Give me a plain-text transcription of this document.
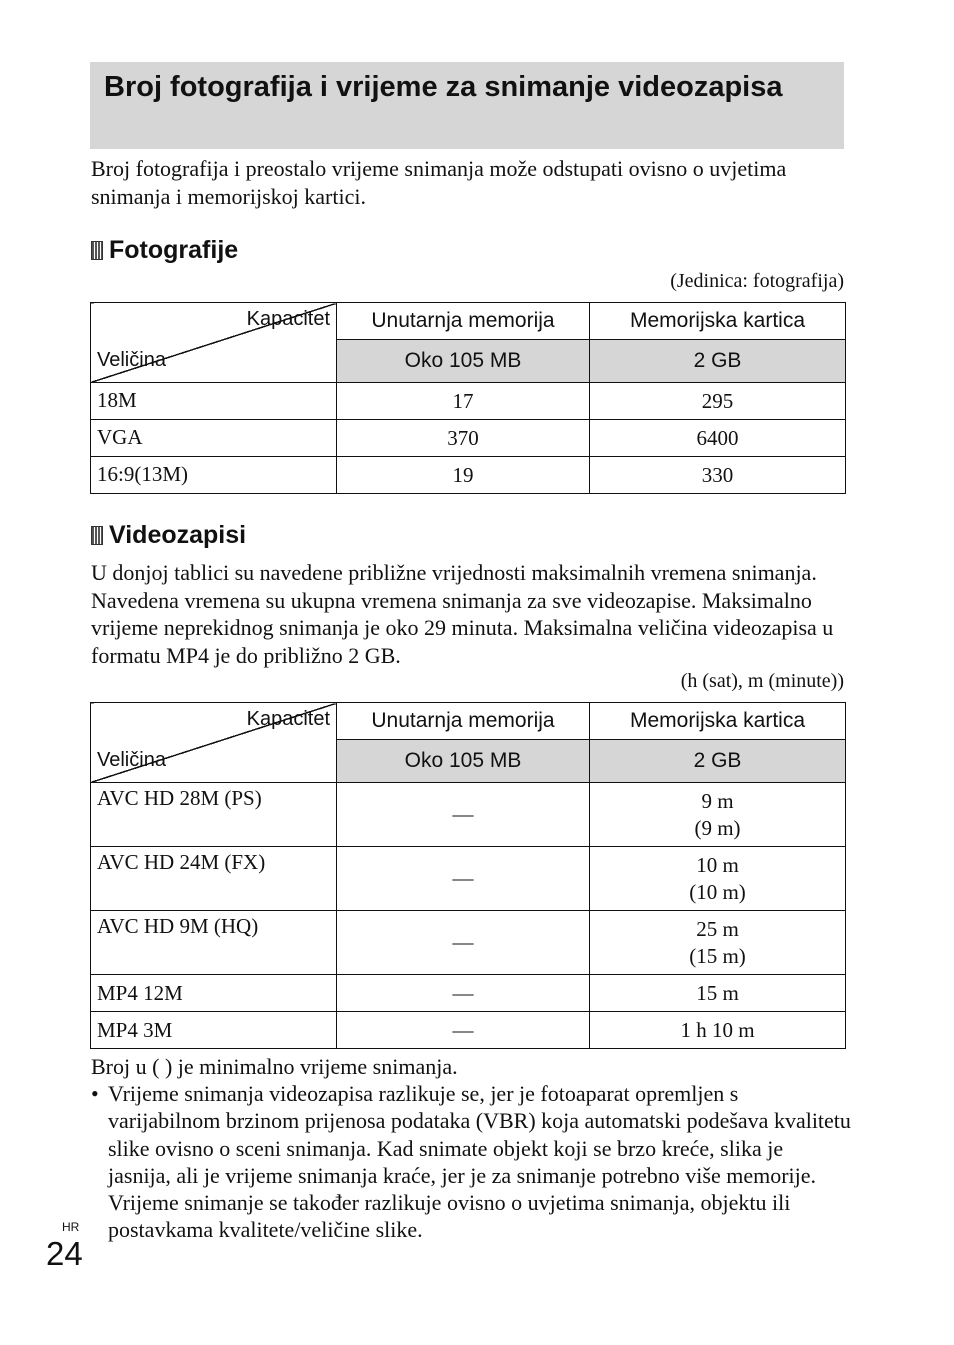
Broj fotografija i vrijeme za snimanje videozapisa

Broj fotografija i preostalo vrijeme snimanja može odstupati ovisno o uvjetima snimanja i memorijskoj kartici.

Fotografije
(Jedinica: fotografija)
Kapacitet
Veličina	Unutarnja memorija	Memorijska kartica
	Oko 105 MB	2 GB
18M	17	295
VGA	370	6400
16:9(13M)	19	330
Videozapisi

U donjoj tablici su navedene približne vrijednosti maksimalnih vremena snimanja. Navedena vremena su ukupna vremena snimanja za sve videozapise. Maksimalno vrijeme neprekidnog snimanja je oko 29 minuta. Maksimalna veličina videozapisa u formatu MP4 je do približno 2 GB.

(h (sat), m (minute))
Kapacitet
Veličina	Unutarnja memorija	Memorijska kartica
	Oko 105 MB	2 GB
AVC HD 28M (PS)	—	9 m
(9 m)

AVC HD 24M (FX)	—	10 m
(10 m)

AVC HD 9M (HQ)	—	25 m
(15 m)

MP4 12M	—	15 m
MP4 3M	—	1 h 10 m

Broj u ( ) je minimalno vrijeme snimanja.

• Vrijeme snimanja videozapisa razlikuje se, jer je fotoaparat opremljen s varijabilnom brzinom prijenosa podataka (VBR) koja automatski podešava kvalitetu slike ovisno o sceni snimanja. Kad snimate objekt koji se brzo kreće, slika je jasnija, ali je vrijeme snimanja kraće, jer je za snimanje potrebno više memorije.
Vrijeme snimanje se također razlikuje ovisno o uvjetima snimanja, objektu ili postavkama kvalitete/veličine slike.
HR
24
